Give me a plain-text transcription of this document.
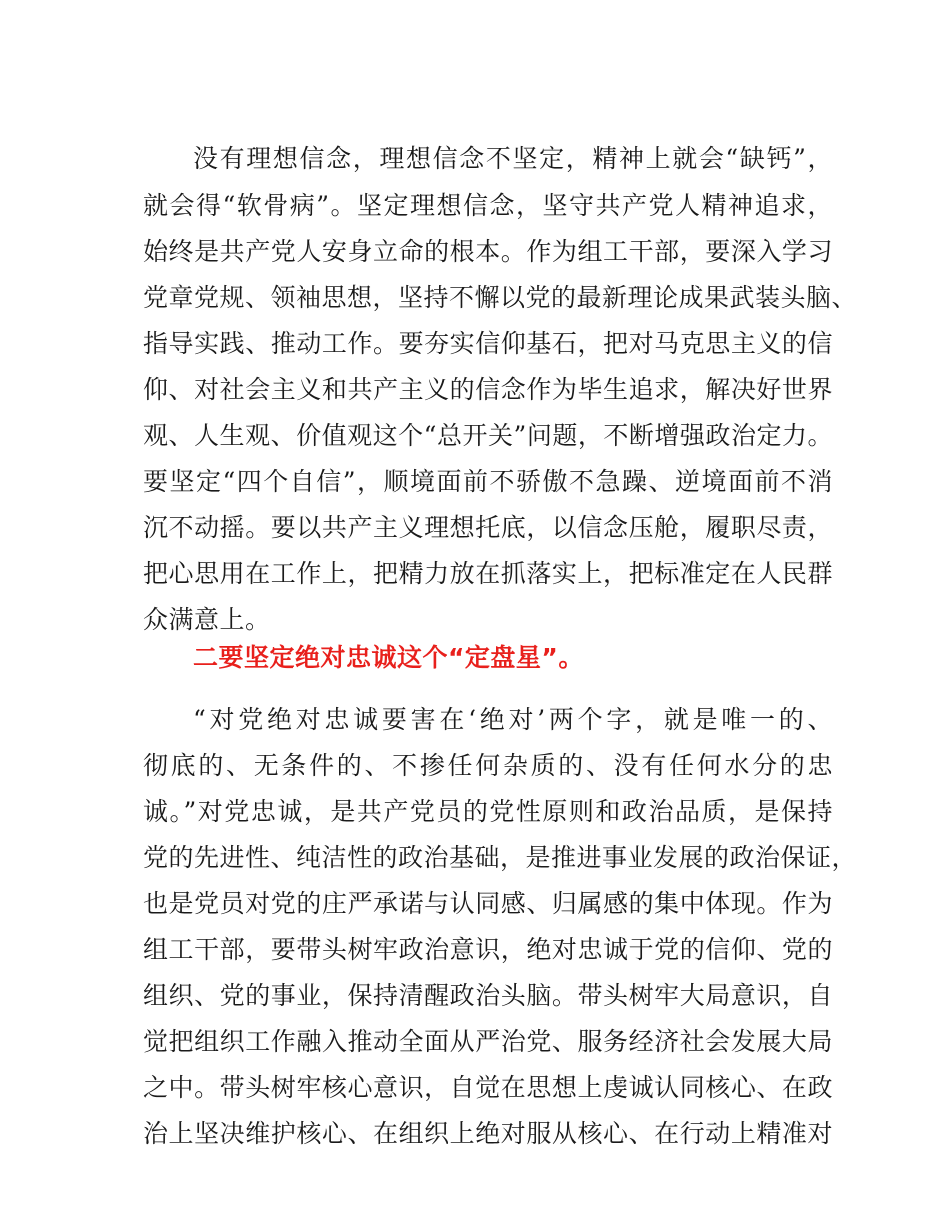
没有理想信念，理想信念不坚定，精神上就会“缺钙”，
就会得“软骨病”。坚定理想信念，坚守共产党人精神追求，
始终是共产党人安身立命的根本。作为组工干部，要深入学习
党章党规、领袖思想，坚持不懈以党的最新理论成果武装头脑、
指导实践、推动工作。要夯实信仰基石，把对马克思主义的信
仰、对社会主义和共产主义的信念作为毕生追求，解决好世界
观、人生观、价值观这个“总开关”问题，不断增强政治定力。
要坚定“四个自信”，顺境面前不骄傲不急躁、逆境面前不消
沉不动摇。要以共产主义理想托底，以信念压舱，履职尽责，
把心思用在工作上，把精力放在抓落实上，把标准定在人民群
众满意上。
二要坚定绝对忠诚这个“定盘星”。
“对党绝对忠诚要害在‘绝对’两个字，就是唯一的、
彻底的、无条件的、不掺任何杂质的、没有任何水分的忠
诚。”对党忠诚，是共产党员的党性原则和政治品质，是保持
党的先进性、纯洁性的政治基础，是推进事业发展的政治保证，
也是党员对党的庄严承诺与认同感、归属感的集中体现。作为
组工干部，要带头树牢政治意识，绝对忠诚于党的信仰、党的
组织、党的事业，保持清醒政治头脑。带头树牢大局意识，自
觉把组织工作融入推动全面从严治党、服务经济社会发展大局
之中。带头树牢核心意识，自觉在思想上虔诚认同核心、在政
治上坚决维护核心、在组织上绝对服从核心、在行动上精准对
